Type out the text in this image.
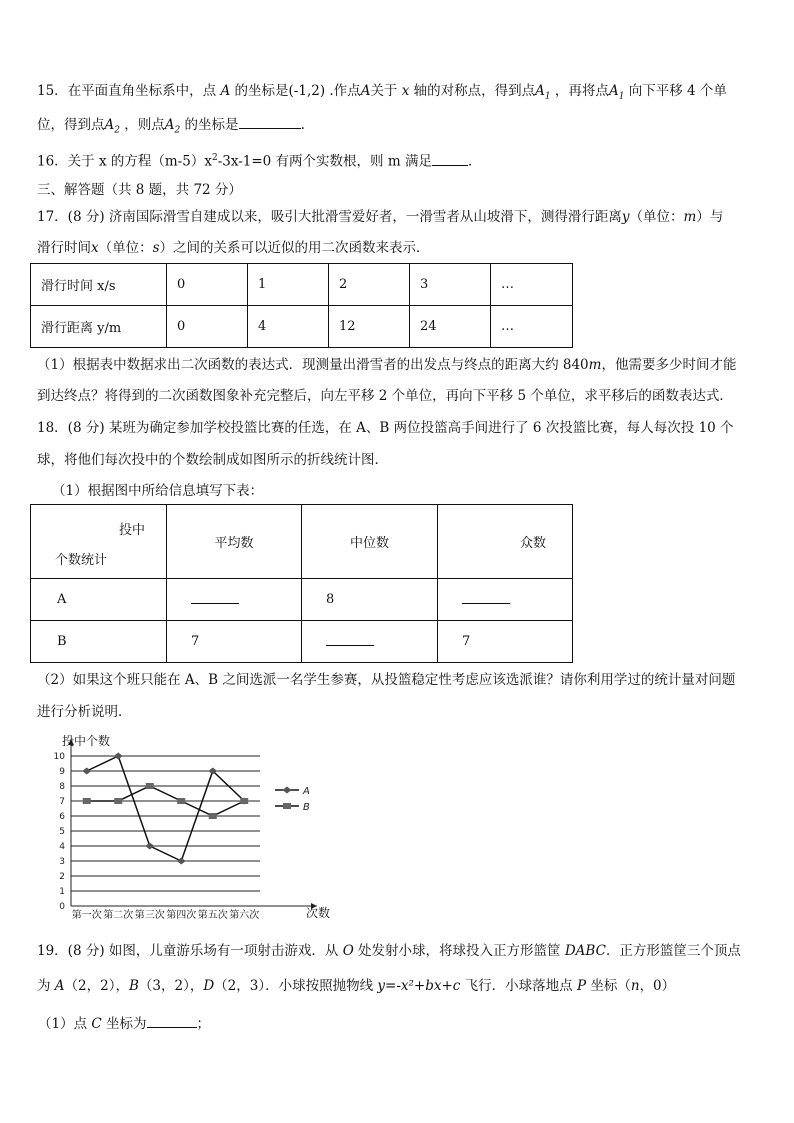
15．在平面直角坐标系中，点 A 的坐标是(-1,2) .作点A关于 x 轴的对称点，得到点$A_1$ ，再将点$A_1$ 向下平移 4 个单
位，得到点$A_2$ ，则点$A_2$ 的坐标是	.
16．关于 x 的方程$(m-5)x^2-3x-1=0$ 有两个实数根，则 m 满足	．
三、解答题（共 8 题，共 72 分）
17．(8 分) 济南国际滑雪自建成以来，吸引大批滑雪爱好者，一滑雪者从山坡滑下，测得滑行距离y（单位：m）与
滑行时间x（单位：s）之间的关系可以近似的用二次函数来表示．
滑行时间 x/s	0	1	2	3	…
滑行距离 y/m	0	4	12	24	…
（1）根据表中数据求出二次函数的表达式．现测量出滑雪者的出发点与终点的距离大约 840m，他需要多少时间才能
到达终点？将得到的二次函数图象补充完整后，向左平移 2 个单位，再向下平移 5 个单位，求平移后的函数表达式．
18．(8 分) 某班为确定参加学校投篮比赛的任选，在 A、B 两位投篮高手间进行了 6 次投篮比赛，每人每次投 10 个
球，将他们每次投中的个数绘制成如图所示的折线统计图．
（1）根据图中所给信息填写下表：
投中
个数统计	平均数	中位数	众数
A		8	
B	7		7
（2）如果这个班只能在 A、B 之间选派一名学生参赛，从投篮稳定性考虑应该选派谁？请你利用学过的统计量对问题
进行分析说明．
0
1
2
3
4
5
6
7
8
9
10
投中个数
次数
第一次 第二次 第三次 第四次 第五次 第六次
A
B
19．(8 分) 如图，儿童游乐场有一项射击游戏．从 O 处发射小球，将球投入正方形篮筐 DABC．正方形篮筐三个顶点
为 A（2，2），B（3，2），D（2，3）．小球按照抛物线 y=-x²+bx+c 飞行．小球落地点 P 坐标（n，0）
（1）点 C 坐标为	；
